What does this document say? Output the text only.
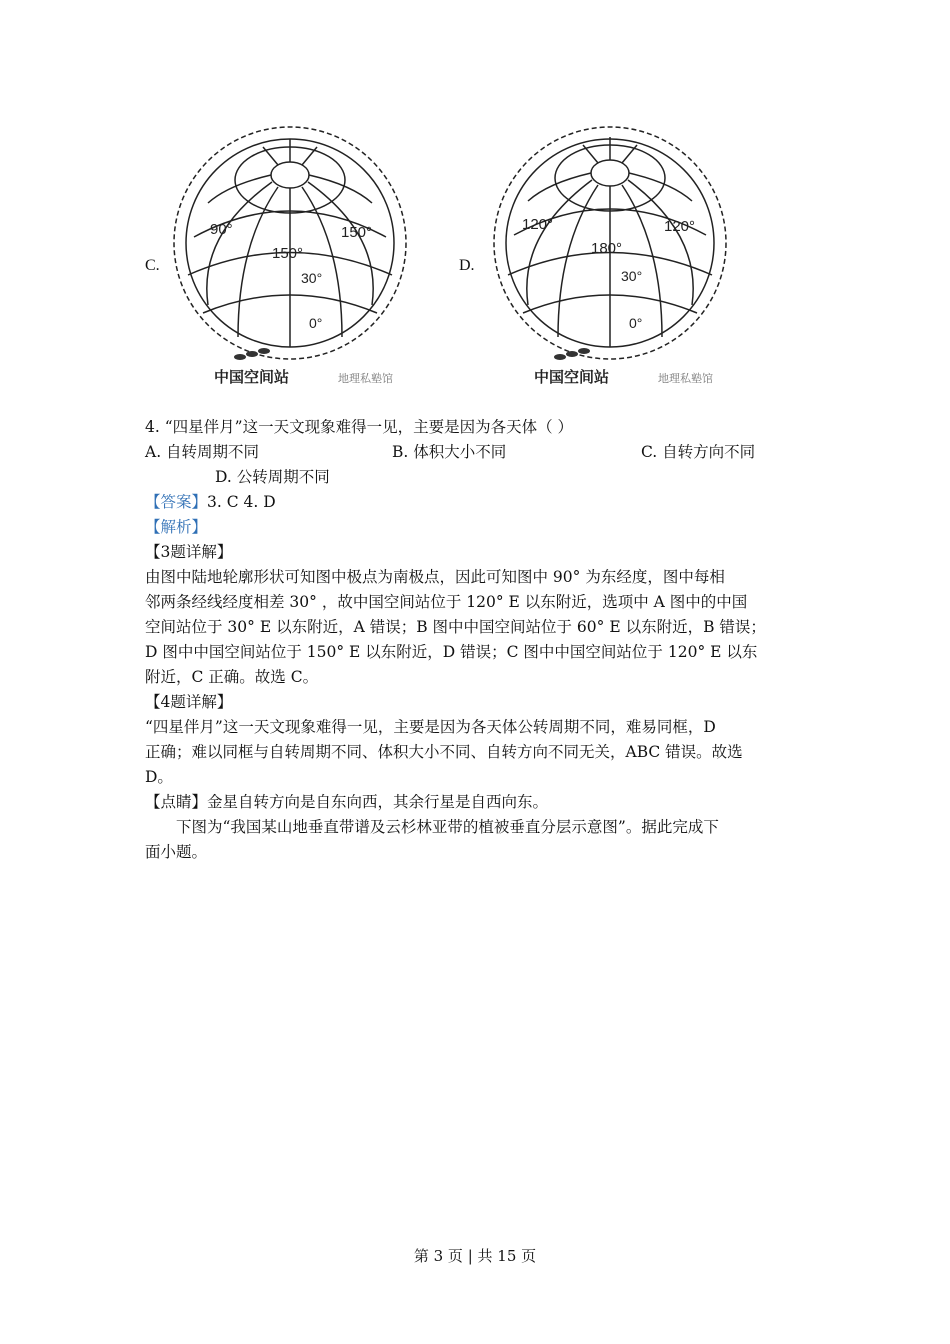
C.
90°	150°
150°
30°
0°
中国空间站	地理私塾馆
D.
120°	120°
180°
30°
0°
中国空间站	地理私塾馆
4. “四星伴月”这一天文现象难得一见，主要是因为各天体（ ）
A. 自转周期不同	B. 体积大小不同	C. 自转方向不同
D. 公转周期不同
【答案】3. C 4. D
【解析】
【3题详解】
由图中陆地轮廓形状可知图中极点为南极点，因此可知图中 90° 为东经度，图中每相
邻两条经线经度相差 30° ，故中国空间站位于 120° E 以东附近，选项中 A 图中的中国
空间站位于 30° E 以东附近，A 错误；B 图中中国空间站位于 60° E 以东附近，B 错误；
D 图中中国空间站位于 150° E 以东附近，D 错误；C 图中中国空间站位于 120° E 以东
附近，C 正确。故选 C。
【4题详解】
“四星伴月”这一天文现象难得一见，主要是因为各天体公转周期不同，难易同框，D
正确；难以同框与自转周期不同、体积大小不同、自转方向不同无关，ABC 错误。故选
D。
【点睛】金星自转方向是自东向西，其余行星是自西向东。
下图为“我国某山地垂直带谱及云杉林亚带的植被垂直分层示意图”。据此完成下
面小题。
第 3 页 | 共 15 页
